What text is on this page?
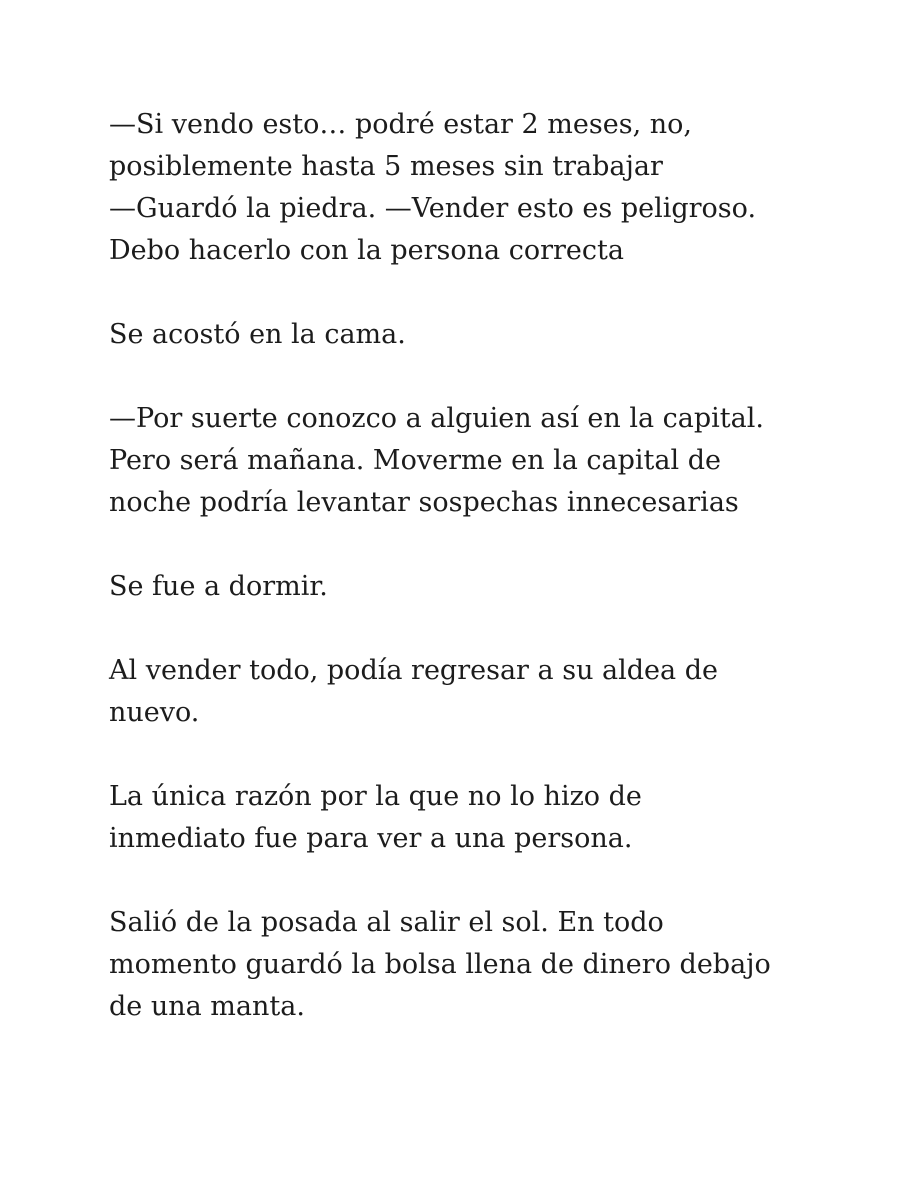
—Si vendo esto… podré estar 2 meses, no,
posiblemente hasta 5 meses sin trabajar
—Guardó la piedra. —Vender esto es peligroso.
Debo hacerlo con la persona correcta

Se acostó en la cama.

—Por suerte conozco a alguien así en la capital.
Pero será mañana. Moverme en la capital de
noche podría levantar sospechas innecesarias

Se fue a dormir.

Al vender todo, podía regresar a su aldea de
nuevo.

La única razón por la que no lo hizo de
inmediato fue para ver a una persona.

Salió de la posada al salir el sol. En todo
momento guardó la bolsa llena de dinero debajo
de una manta.
